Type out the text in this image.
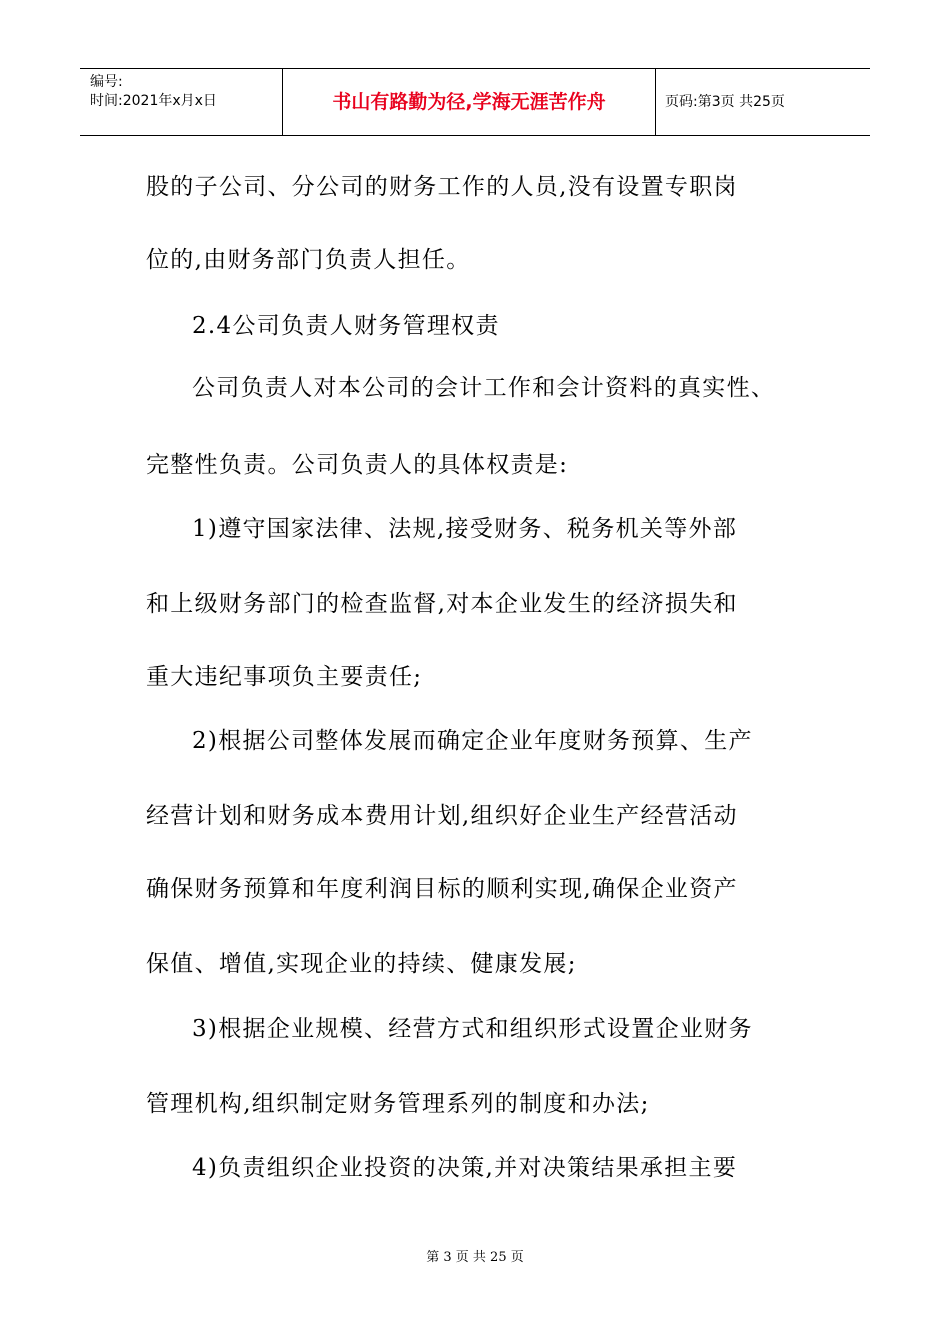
编号:
时间:2021年x月x日	书山有路勤为径,学海无涯苦作舟	页码:第3页 共25页
股的子公司、分公司的财务工作的人员,没有设置专职岗
位的,由财务部门负责人担任。
2.4公司负责人财务管理权责
公司负责人对本公司的会计工作和会计资料的真实性、
完整性负责。公司负责人的具体权责是:
1)遵守国家法律、法规,接受财务、税务机关等外部
和上级财务部门的检查监督,对本企业发生的经济损失和
重大违纪事项负主要责任;
2)根据公司整体发展而确定企业年度财务预算、生产
经营计划和财务成本费用计划,组织好企业生产经营活动
确保财务预算和年度利润目标的顺利实现,确保企业资产
保值、增值,实现企业的持续、健康发展;
3)根据企业规模、经营方式和组织形式设置企业财务
管理机构,组织制定财务管理系列的制度和办法;
4)负责组织企业投资的决策,并对决策结果承担主要
第 3 页 共 25 页
